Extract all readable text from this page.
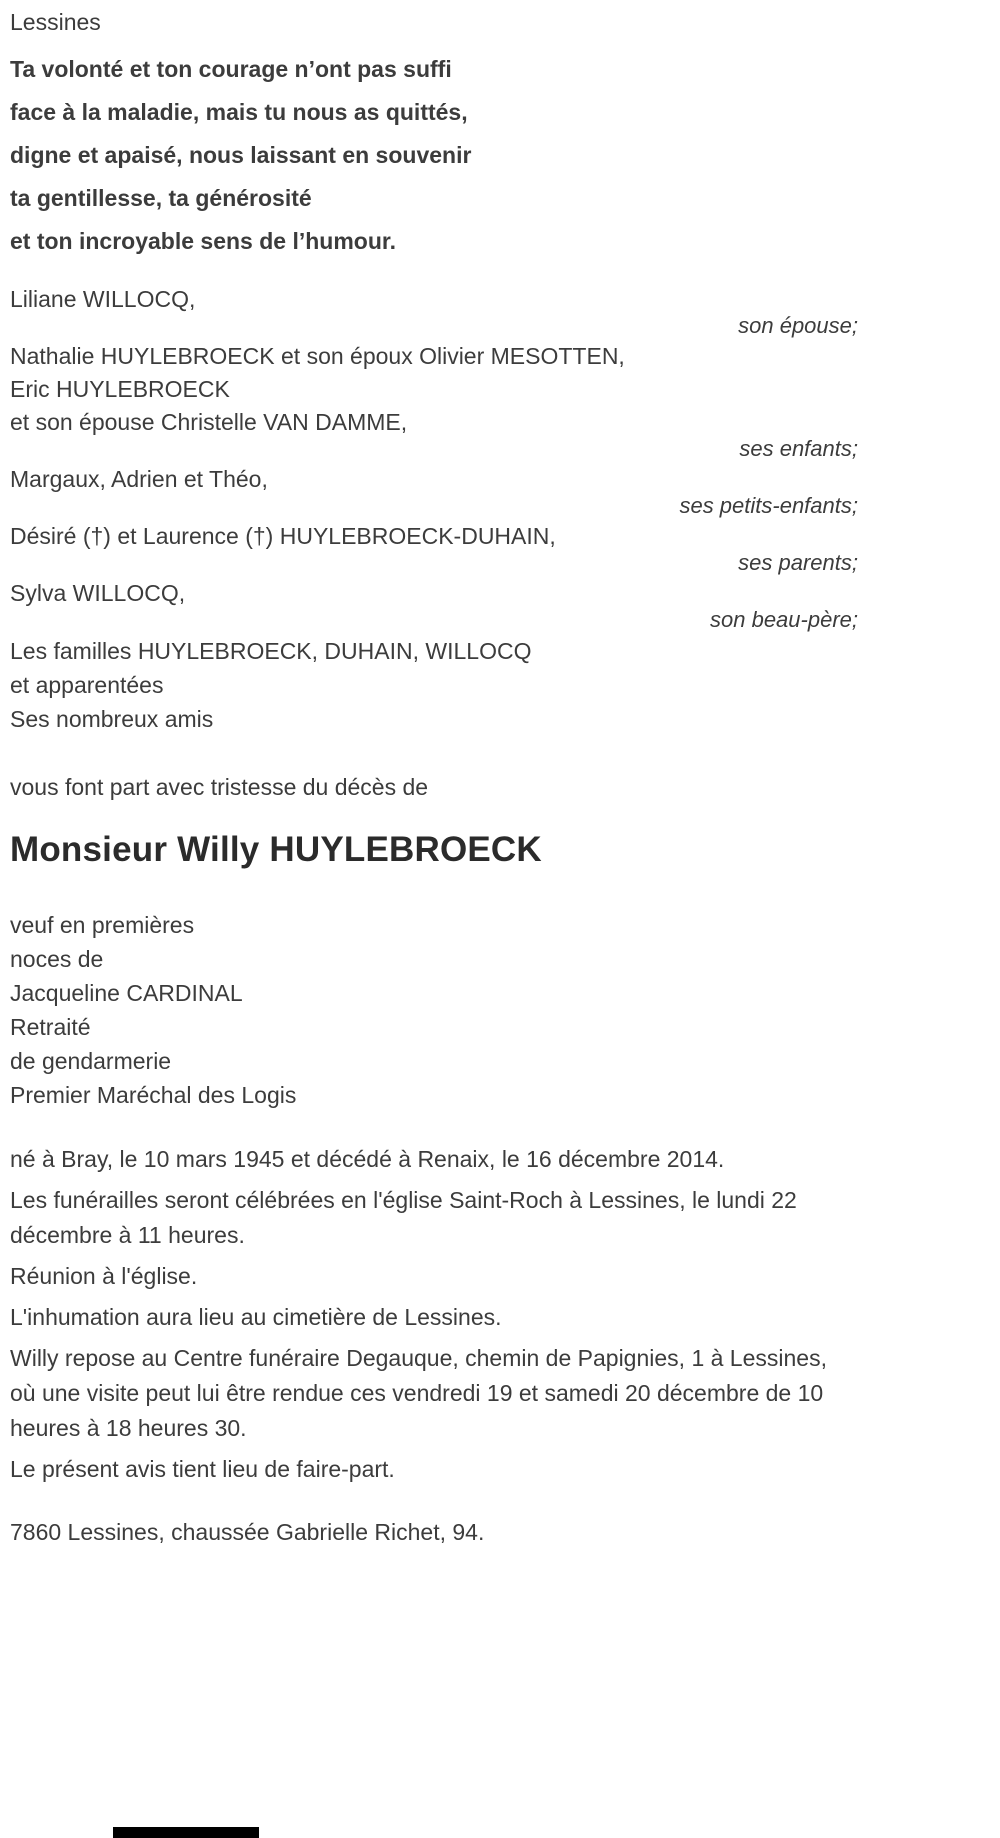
Lessines

Ta volonté et ton courage n’ont pas suffi

face à la maladie, mais tu nous as quittés,

digne et apaisé, nous laissant en souvenir

ta gentillesse, ta générosité

et ton incroyable sens de l’humour.

Liliane WILLOCQ,

son épouse;

Nathalie HUYLEBROECK et son époux Olivier MESOTTEN,

Eric HUYLEBROECK

et son épouse Christelle VAN DAMME,

ses enfants;

Margaux, Adrien et Théo,

ses petits-enfants;

Désiré (†) et Laurence (†) HUYLEBROECK-DUHAIN,

ses parents;

Sylva WILLOCQ,

son beau-père;

Les familles HUYLEBROECK, DUHAIN, WILLOCQ

et apparentées

Ses nombreux amis

vous font part avec tristesse du décès de
Monsieur Willy HUYLEBROECK

veuf en premières

noces de

Jacqueline CARDINAL

Retraité

de gendarmerie

Premier Maréchal des Logis

né à Bray, le 10 mars 1945 et décédé à Renaix, le 16 décembre 2014.

Les funérailles seront célébrées en l'église Saint-Roch à Lessines, le lundi 22 décembre à 11 heures.

Réunion à l'église.

L'inhumation aura lieu au cimetière de Lessines.

Willy repose au Centre funéraire Degauque, chemin de Papignies, 1 à Lessines, où une visite peut lui être rendue ces vendredi 19 et samedi 20 décembre de 10 heures à 18 heures 30.

Le présent avis tient lieu de faire-part.

7860 Lessines, chaussée Gabrielle Richet, 94.
